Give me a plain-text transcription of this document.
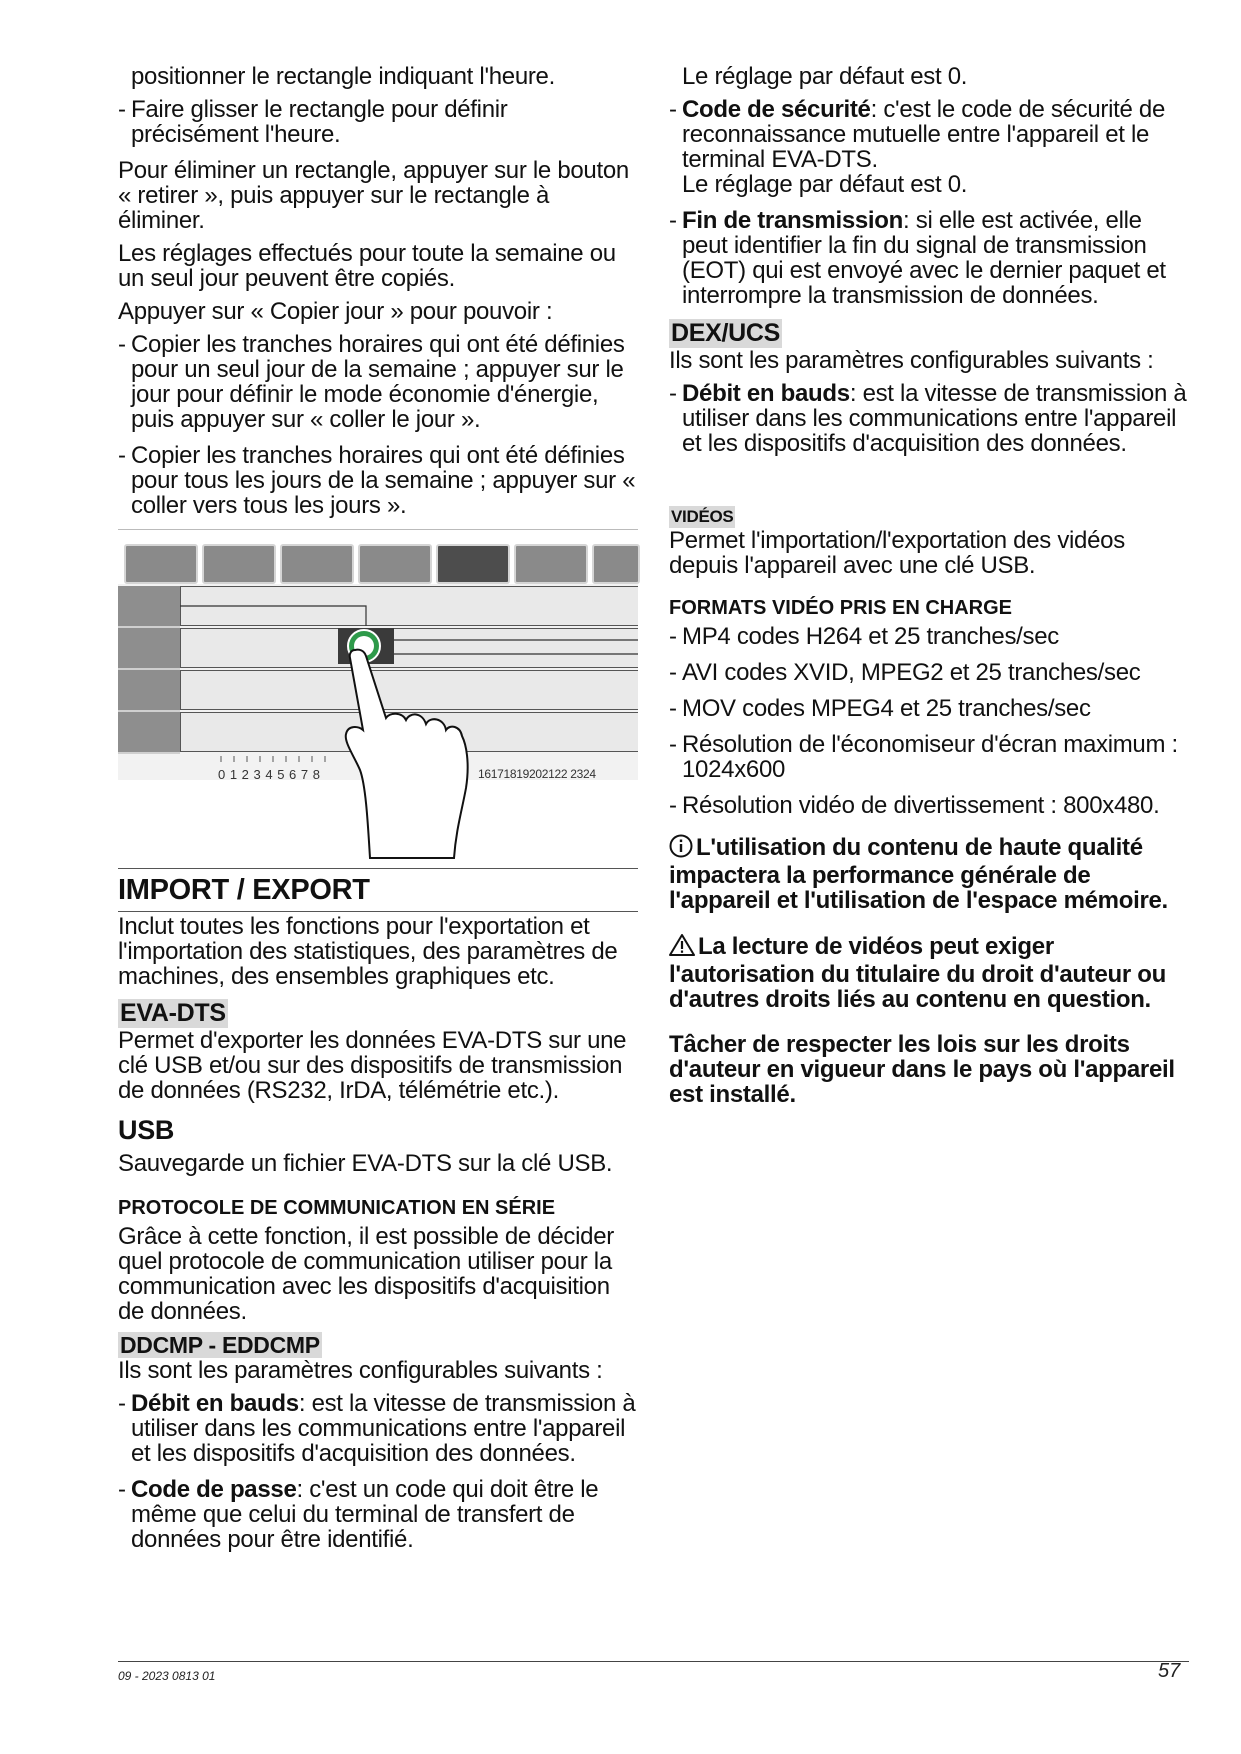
positionner le rectangle indiquant l'heure.

- Faire glisser le rectangle pour définir précisément l'heure.

Pour éliminer un rectangle, appuyer sur le bouton « retirer », puis appuyer sur le rectangle à éliminer.

Les réglages effectués pour toute la semaine ou un seul jour peuvent être copiés.

Appuyer sur « Copier jour » pour pouvoir :

- Copier les tranches horaires qui ont été définies pour un seul jour de la semaine ; appuyer sur le jour pour définir le mode économie d'énergie, puis appuyer sur « coller le jour ».
- Copier les tranches horaires qui ont été définies pour tous les jours de la semaine ; appuyer sur « coller vers tous les jours ».
0 1 2 3 4 5 6 7 8	16171819202122 2324
IMPORT / EXPORT

Inclut toutes les fonctions pour l'exportation et l'importation des statistiques, des paramètres de machines, des ensembles graphiques etc.

EVA-DTS

Permet d'exporter les données EVA-DTS sur une clé USB et/ou sur des dispositifs de transmission de données (RS232, IrDA, télémétrie etc.).

USB

Sauvegarde un fichier EVA-DTS sur la clé USB.

PROTOCOLE DE COMMUNICATION EN SÉRIE

Grâce à cette fonction, il est possible de décider quel protocole de communication utiliser pour la communication avec les dispositifs d'acquisition de données.

DDCMP - EDDCMP

Ils sont les paramètres configurables suivants :

- Débit en bauds: est la vitesse de transmission à utiliser dans les communications entre l'appareil et les dispositifs d'acquisition des données.
- Code de passe: c'est un code qui doit être le même que celui du terminal de transfert de données pour être identifié.

Le réglage par défaut est 0.

- Code de sécurité: c'est le code de sécurité de reconnaissance mutuelle entre l'appareil et le terminal EVA-DTS.
Le réglage par défaut est 0.
- Fin de transmission: si elle est activée, elle peut identifier la fin du signal de transmission (EOT) qui est envoyé avec le dernier paquet et interrompre la transmission de données.
DEX/UCS

Ils sont les paramètres configurables suivants :

- Débit en bauds: est la vitesse de transmission à utiliser dans les communications entre l'appareil et les dispositifs d'acquisition des données.
VIDÉOS

Permet l'importation/l'exportation des vidéos depuis l'appareil avec une clé USB.

FORMATS VIDÉO PRIS EN CHARGE
- MP4 codes H264 et 25 tranches/sec
- AVI codes XVID, MPEG2 et 25 tranches/sec
- MOV codes MPEG4 et 25 tranches/sec
- Résolution de l'économiseur d'écran maximum : 1024x600
- Résolution vidéo de divertissement : 800x480.
L'utilisation du contenu de haute qualité impactera la performance générale de l'appareil et l'utilisation de l'espace mémoire.
La lecture de vidéos peut exiger l'autorisation du titulaire du droit d'auteur ou d'autres droits liés au contenu en question.
Tâcher de respecter les lois sur les droits d'auteur en vigueur dans le pays où l'appareil est installé.
09 - 2023 0813 01	57
